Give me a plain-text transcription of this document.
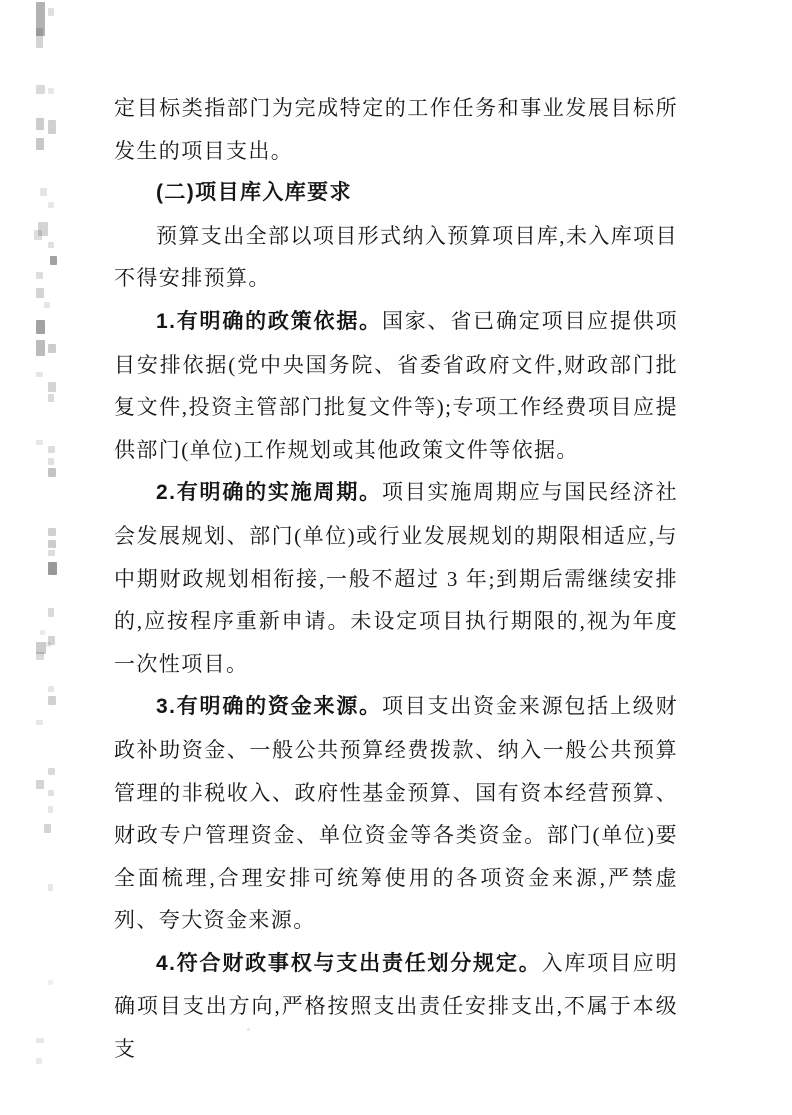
定目标类指部门为完成特定的工作任务和事业发展目标所发生的项目支出。

(二)项目库入库要求

预算支出全部以项目形式纳入预算项目库,未入库项目不得安排预算。

1.有明确的政策依据。国家、省已确定项目应提供项目安排依据(党中央国务院、省委省政府文件,财政部门批复文件,投资主管部门批复文件等);专项工作经费项目应提供部门(单位)工作规划或其他政策文件等依据。

2.有明确的实施周期。项目实施周期应与国民经济社会发展规划、部门(单位)或行业发展规划的期限相适应,与中期财政规划相衔接,一般不超过 3 年;到期后需继续安排的,应按程序重新申请。未设定项目执行期限的,视为年度一次性项目。

3.有明确的资金来源。项目支出资金来源包括上级财政补助资金、一般公共预算经费拨款、纳入一般公共预算管理的非税收入、政府性基金预算、国有资本经营预算、财政专户管理资金、单位资金等各类资金。部门(单位)要全面梳理,合理安排可统筹使用的各项资金来源,严禁虚列、夸大资金来源。

4.符合财政事权与支出责任划分规定。入库项目应明确项目支出方向,严格按照支出责任安排支出,不属于本级支
